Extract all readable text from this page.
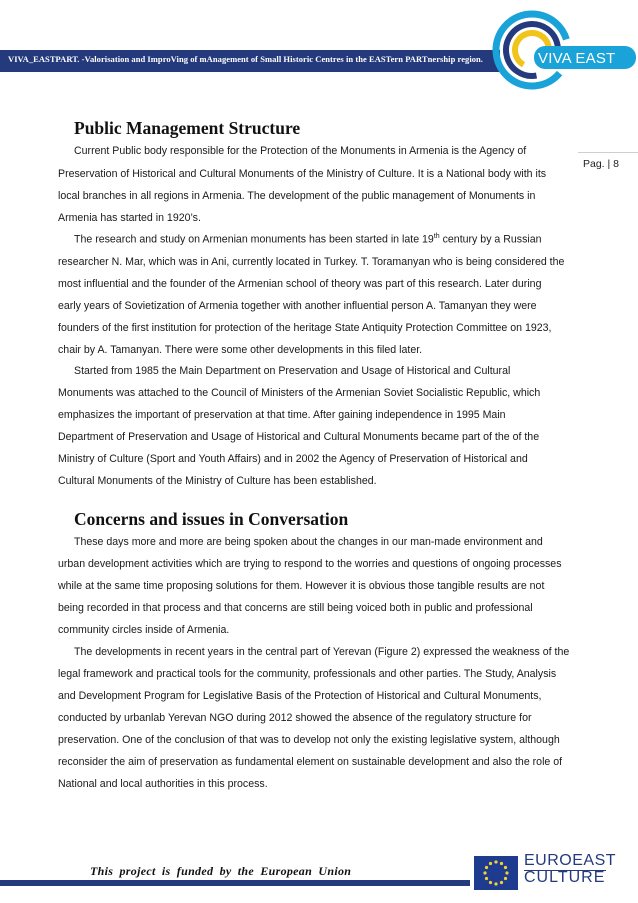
VIVA_EASTPART. -Valorisation and ImproVing of mAnagement of Small Historic Centres in the EASTern PARTnership region.	VIVA EAST
Pag. | 8
Public Management Structure
Current Public body responsible for the Protection of the Monuments in Armenia is the Agency of
Preservation of Historical and Cultural Monuments of the Ministry of Culture. It is a National body with its
local branches in all regions in Armenia. The development of the public management of Monuments in
Armenia has started in 1920’s.
The research and study on Armenian monuments has been started in late 19th century by a Russian
researcher N. Mar, which was in Ani, currently located in Turkey. T. Toramanyan who is being considered the
most influential and the founder of the Armenian school of theory was part of this research. Later during
early years of Sovietization of Armenia together with another influential person A. Tamanyan they were
founders of the first institution for protection of the heritage State Antiquity Protection Committee on 1923,
chair by A. Tamanyan. There were some other developments in this filed later.
Started from 1985 the Main Department on Preservation and Usage of Historical and Cultural
Monuments was attached to the Council of Ministers of the Armenian Soviet Socialistic Republic, which
emphasizes the important of preservation at that time. After gaining independence in 1995 Main
Department of Preservation and Usage of Historical and Cultural Monuments became part of the of the
Ministry of Culture (Sport and Youth Affairs) and in 2002 the Agency of Preservation of Historical and
Cultural Monuments of the Ministry of Culture has been established.
Concerns and issues in Conversation
These days more and more are being spoken about the changes in our man-made environment and
urban development activities which are trying to respond to the worries and questions of ongoing processes
while at the same time proposing solutions for them. However it is obvious those tangible results are not
being recorded in that process and that concerns are still being voiced both in public and professional
community circles inside of Armenia.
The developments in recent years in the central part of Yerevan (Figure 2) expressed the weakness of the
legal framework and practical tools for the community, professionals and other parties. The Study, Analysis
and Development Program for Legislative Basis of the Protection of Historical and Cultural Monuments,
conducted by urbanlab Yerevan NGO during 2012 showed the absence of the regulatory structure for
preservation. One of the conclusion of that was to develop not only the existing legislative system, although
reconsider the aim of preservation as fundamental element on sustainable development and also the role of
National and local authorities in this process.
This project is funded by the European Union
EUROEAST
CULTURE
